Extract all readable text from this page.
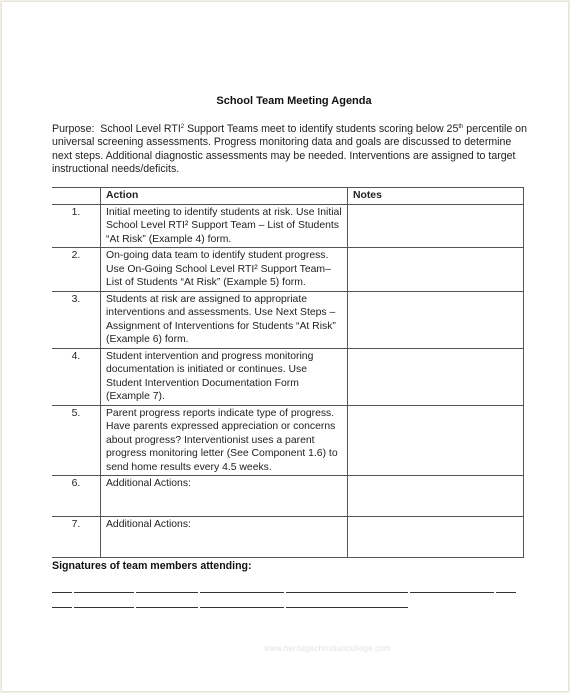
School Team Meeting Agenda
Purpose: School Level RTI$^2$ Support Teams meet to identify students scoring below 25th percentile on universal screening assessments. Progress monitoring data and goals are discussed to determine next steps. Additional diagnostic assessments may be needed. Interventions are assigned to target instructional needs/deficits.
	Action	Notes
1.	Initial meeting to identify students at risk. Use Initial School Level RTI² Support Team – List of Students “At Risk” (Example 4) form.	
2.	On-going data team to identify student progress. Use On-Going School Level RTI² Support Team– List of Students “At Risk” (Example 5) form.	
3.	Students at risk are assigned to appropriate interventions and assessments. Use Next Steps – Assignment of Interventions for Students “At Risk” (Example 6) form.	
4.	Student intervention and progress monitoring documentation is initiated or continues. Use Student Intervention Documentation Form (Example 7).	
5.	Parent progress reports indicate type of progress. Have parents expressed appreciation or concerns about progress? Interventionist uses a parent progress monitoring letter (See Component 1.6) to send home results every 4.5 weeks.	
6.	Additional Actions:	
7.	Additional Actions:	
Signatures of team members attending:
www.heritagechristiancollege.com
